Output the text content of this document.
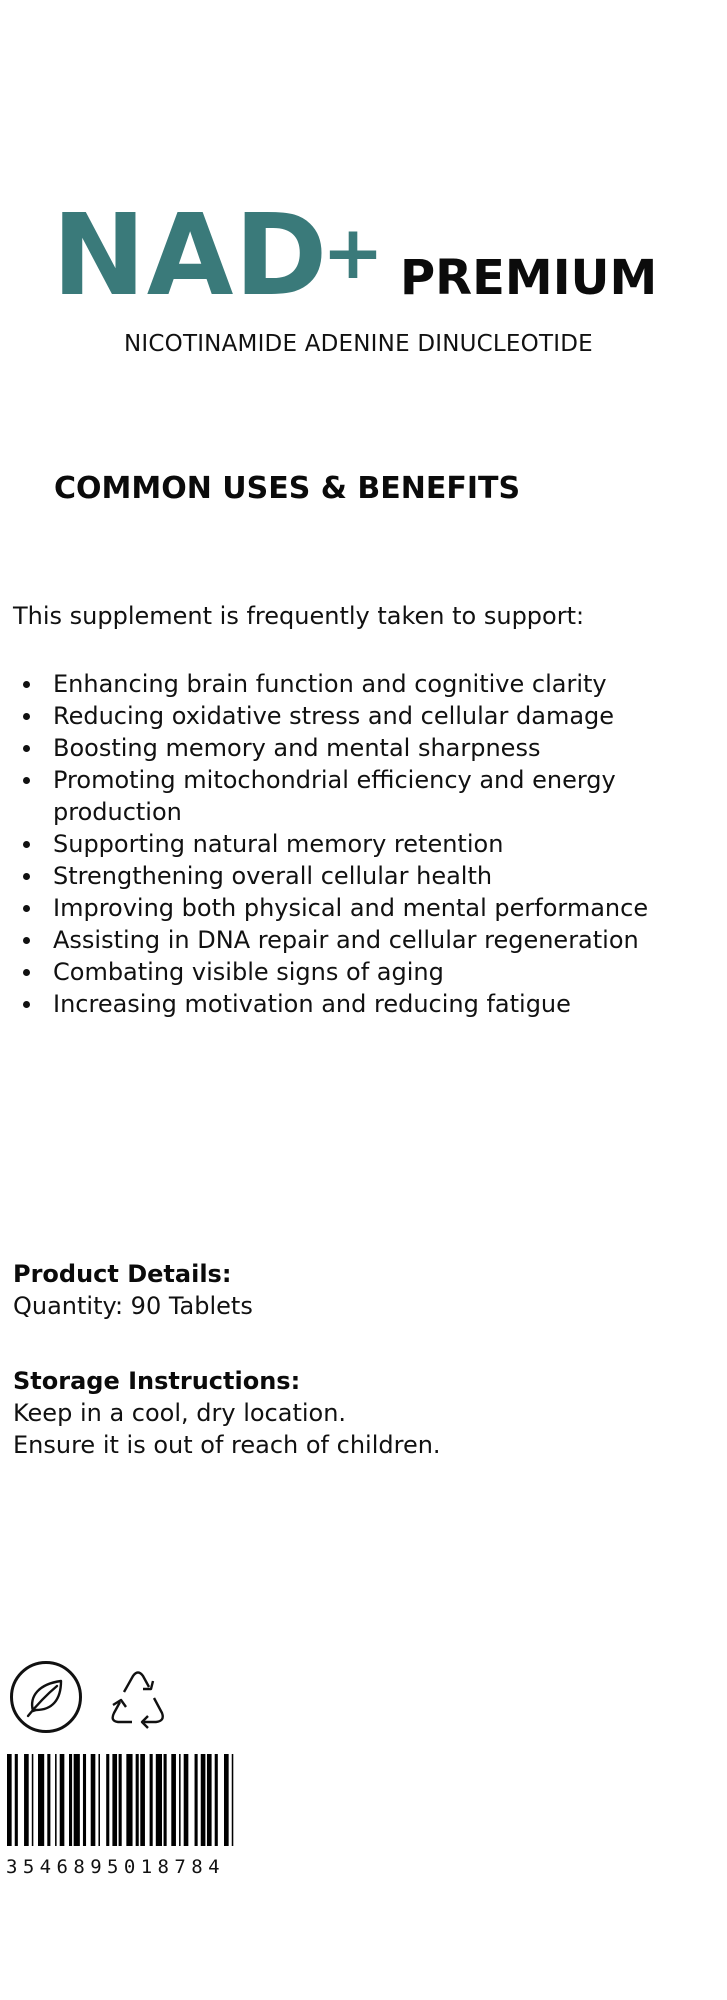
NAD
+ PREMIUM
NICOTINAMIDE ADENINE DINUCLEOTIDE
COMMON USES & BENEFITS
This supplement is frequently taken to support:
Enhancing brain function and cognitive clarity
Reducing oxidative stress and cellular damage
Boosting memory and mental sharpness
Promoting mitochondrial efficiency and energy production
Supporting natural memory retention
Strengthening overall cellular health
Improving both physical and mental performance
Assisting in DNA repair and cellular regeneration
Combating visible signs of aging
Increasing motivation and reducing fatigue
Product Details:
Quantity: 90 Tablets
Storage Instructions:
Keep in a cool, dry location.
Ensure it is out of reach of children.
3546895018784
